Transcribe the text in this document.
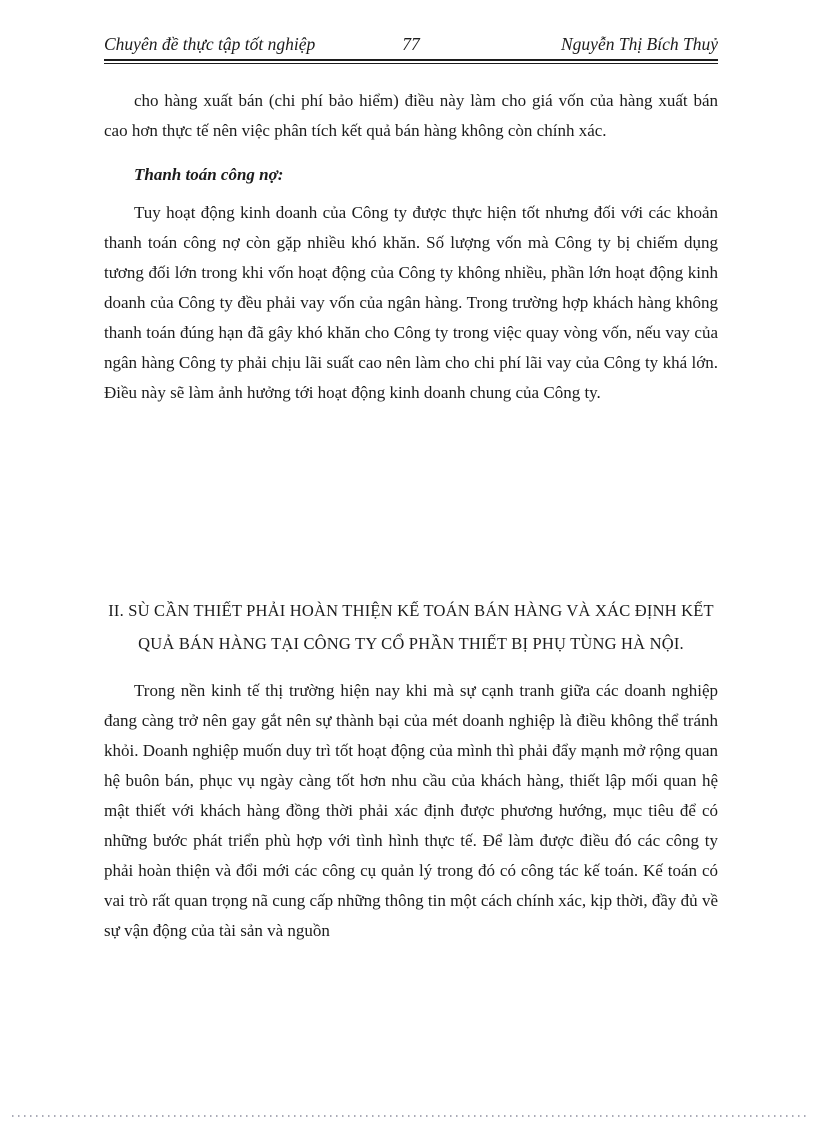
Chuyên đề thực tập tốt nghiệp	77	Nguyễn Thị Bích Thuỷ

cho hàng xuất bán (chi phí bảo hiểm) điều này làm cho giá vốn của hàng xuất bán cao hơn thực tế nên việc phân tích kết quả bán hàng không còn chính xác.

Thanh toán công nợ:

Tuy hoạt động kinh doanh của Công ty được thực hiện tốt nhưng đối với các khoản thanh toán công nợ còn gặp nhiều khó khăn. Số lượng vốn mà Công ty bị chiếm dụng tương đối lớn trong khi vốn hoạt động của Công ty không nhiều, phần lớn hoạt động kinh doanh của Công ty đều phải vay vốn của ngân hàng. Trong trường hợp khách hàng không thanh toán đúng hạn đã gây khó khăn cho Công ty trong việc quay vòng vốn, nếu vay của ngân hàng Công ty phải chịu lãi suất cao nên làm cho chi phí lãi vay của Công ty khá lớn. Điều này sẽ làm ảnh hưởng tới hoạt động kinh doanh chung của Công ty.

II. SÙ CẦN THIẾT PHẢI HOÀN THIỆN KẾ TOÁN BÁN HÀNG VÀ XÁC ĐỊNH KẾT QUẢ BÁN HÀNG TẠI CÔNG TY CỔ PHẦN THIẾT BỊ PHỤ TÙNG HÀ NỘI.

Trong nền kinh tế thị trường hiện nay khi mà sự cạnh tranh giữa các doanh nghiệp đang càng trở nên gay gắt nên sự thành bại của mét doanh nghiệp là điều không thể tránh khỏi. Doanh nghiệp muốn duy trì tốt hoạt động của mình thì phải đẩy mạnh mở rộng quan hệ buôn bán, phục vụ ngày càng tốt hơn nhu cầu của khách hàng, thiết lập mối quan hệ mật thiết với khách hàng đồng thời phải xác định được phương hướng, mục tiêu để có những bước phát triển phù hợp với tình hình thực tế. Để làm được điều đó các công ty phải hoàn thiện và đổi mới các công cụ quản lý trong đó có công tác kế toán. Kế toán có vai trò rất quan trọng nã cung cấp những thông tin một cách chính xác, kịp thời, đầy đủ về sự vận động của tài sản và nguồn
